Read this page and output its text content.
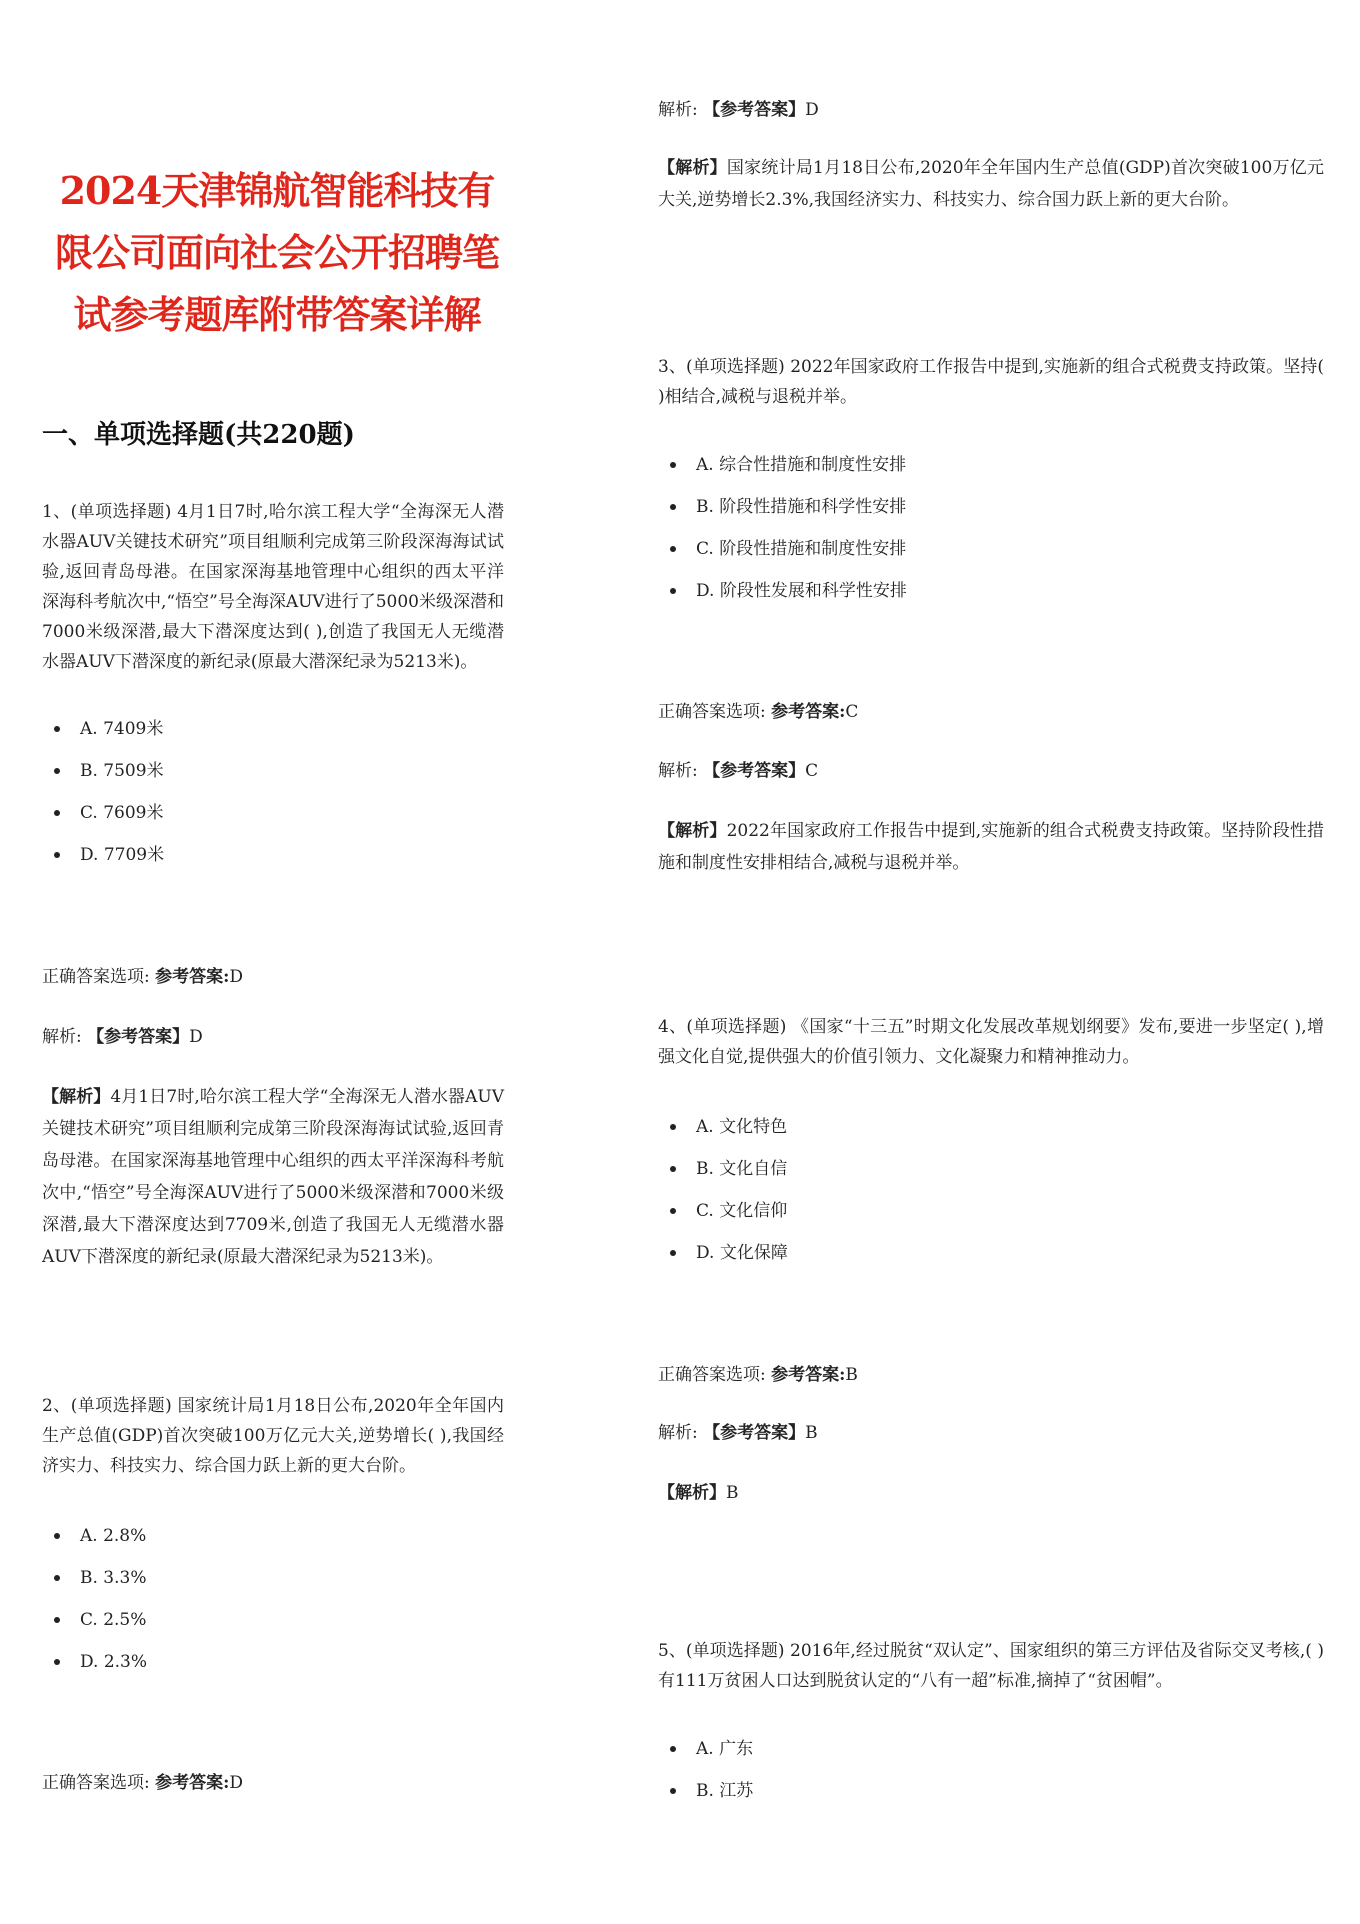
2024天津锦航智能科技有限公司面向社会公开招聘笔试参考题库附带答案详解
一、单项选择题(共220题)
1、(单项选择题) 4月1日7时,哈尔滨工程大学“全海深无人潜水器AUV关键技术研究”项目组顺利完成第三阶段深海海试试验,返回青岛母港。在国家深海基地管理中心组织的西太平洋深海科考航次中,“悟空”号全海深AUV进行了5000米级深潜和7000米级深潜,最大下潜深度达到( ),创造了我国无人无缆潜水器AUV下潜深度的新纪录(原最大潜深纪录为5213米)。
A. 7409米
B. 7509米
C. 7609米
D. 7709米
正确答案选项: 参考答案:D
解析: 【参考答案】D
【解析】4月1日7时,哈尔滨工程大学“全海深无人潜水器AUV关键技术研究”项目组顺利完成第三阶段深海海试试验,返回青岛母港。在国家深海基地管理中心组织的西太平洋深海科考航次中,“悟空”号全海深AUV进行了5000米级深潜和7000米级深潜,最大下潜深度达到7709米,创造了我国无人无缆潜水器AUV下潜深度的新纪录(原最大潜深纪录为5213米)。
2、(单项选择题) 国家统计局1月18日公布,2020年全年国内生产总值(GDP)首次突破100万亿元大关,逆势增长( ),我国经济实力、科技实力、综合国力跃上新的更大台阶。
A. 2.8%
B. 3.3%
C. 2.5%
D. 2.3%
正确答案选项: 参考答案:D
解析: 【参考答案】D
【解析】国家统计局1月18日公布,2020年全年国内生产总值(GDP)首次突破100万亿元大关,逆势增长2.3%,我国经济实力、科技实力、综合国力跃上新的更大台阶。
3、(单项选择题) 2022年国家政府工作报告中提到,实施新的组合式税费支持政策。坚持( )相结合,减税与退税并举。
A. 综合性措施和制度性安排
B. 阶段性措施和科学性安排
C. 阶段性措施和制度性安排
D. 阶段性发展和科学性安排
正确答案选项: 参考答案:C
解析: 【参考答案】C
【解析】2022年国家政府工作报告中提到,实施新的组合式税费支持政策。坚持阶段性措施和制度性安排相结合,减税与退税并举。
4、(单项选择题) 《国家“十三五”时期文化发展改革规划纲要》发布,要进一步坚定( ),增强文化自觉,提供强大的价值引领力、文化凝聚力和精神推动力。
A. 文化特色
B. 文化自信
C. 文化信仰
D. 文化保障
正确答案选项: 参考答案:B
解析: 【参考答案】B
【解析】B
5、(单项选择题) 2016年,经过脱贫“双认定”、国家组织的第三方评估及省际交叉考核,( )有111万贫困人口达到脱贫认定的“八有一超”标准,摘掉了“贫困帽”。
A. 广东
B. 江苏
